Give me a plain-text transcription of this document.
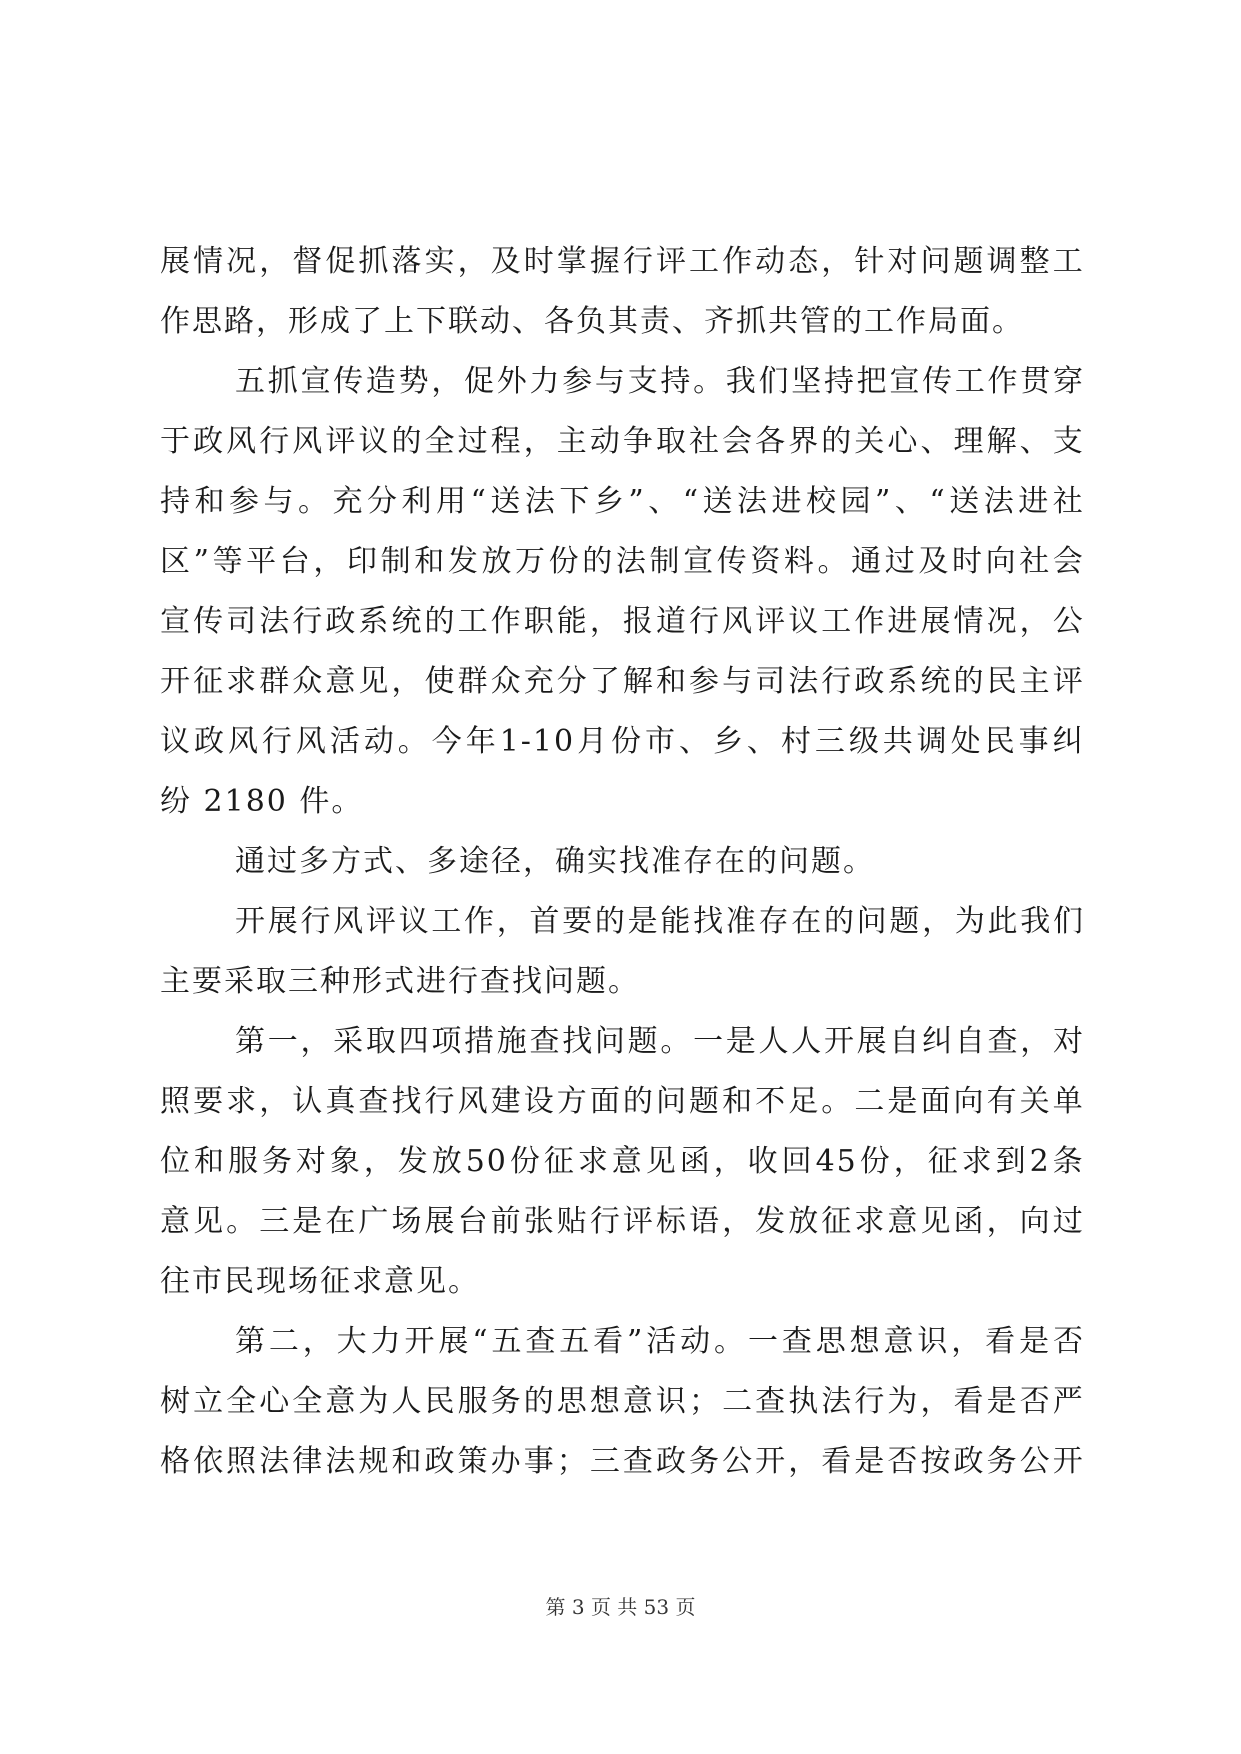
展 情 况 ， 督 促 抓 落 实 ， 及 时 掌 握 行 评 工 作 动 态 ， 针 对 问 题 调 整 工
作思路，形成了上下联动、各负其责、齐抓共管的工作局面。
五 抓 宣 传 造 势 ， 促 外 力 参 与 支 持 。 我 们 坚 持 把 宣 传 工 作 贯 穿
于 政 风 行 风 评 议 的 全 过 程 ， 主 动 争 取 社 会 各 界 的 关 心 、 理 解 、 支
持 和 参 与 。 充 分 利 用 “ 送 法 下 乡 ” 、 “ 送 法 进 校 园 ” 、 “ 送 法 进 社
区 ” 等 平 台 ， 印 制 和 发 放 万 份 的 法 制 宣 传 资 料 。 通 过 及 时 向 社 会
宣 传 司 法 行 政 系 统 的 工 作 职 能 ， 报 道 行 风 评 议 工 作 进 展 情 况 ， 公
开 征 求 群 众 意 见 ， 使 群 众 充 分 了 解 和 参 与 司 法 行 政 系 统 的 民 主 评
议 政 风 行 风 活 动 。 今 年 1-10 月 份 市 、 乡 、 村 三 级 共 调 处 民 事 纠
纷 2180 件。
通过多方式、多途径，确实找准存在的问题。
开 展 行 风 评 议 工 作 ， 首 要 的 是 能 找 准 存 在 的 问 题 ， 为 此 我 们
主要采取三种形式进行查找问题。
第 一 ， 采 取 四 项 措 施 查 找 问 题 。 一 是 人 人 开 展 自 纠 自 查 ， 对
照 要 求 ， 认 真 查 找 行 风 建 设 方 面 的 问 题 和 不 足 。 二 是 面 向 有 关 单
位 和 服 务 对 象 ， 发 放 50 份 征 求 意 见 函 ， 收 回 45 份 ， 征 求 到 2 条
意 见 。 三 是 在 广 场 展 台 前 张 贴 行 评 标 语 ， 发 放 征 求 意 见 函 ， 向 过
往市民现场征求意见。
第 二 ， 大 力 开 展 “ 五 查 五 看 ” 活 动 。 一 查 思 想 意 识 ， 看 是 否
树 立 全 心 全 意 为 人 民 服 务 的 思 想 意 识 ； 二 查 执 法 行 为 ， 看 是 否 严
格 依 照 法 律 法 规 和 政 策 办 事 ； 三 查 政 务 公 开 ， 看 是 否 按 政 务 公 开
第 3 页 共 53 页
